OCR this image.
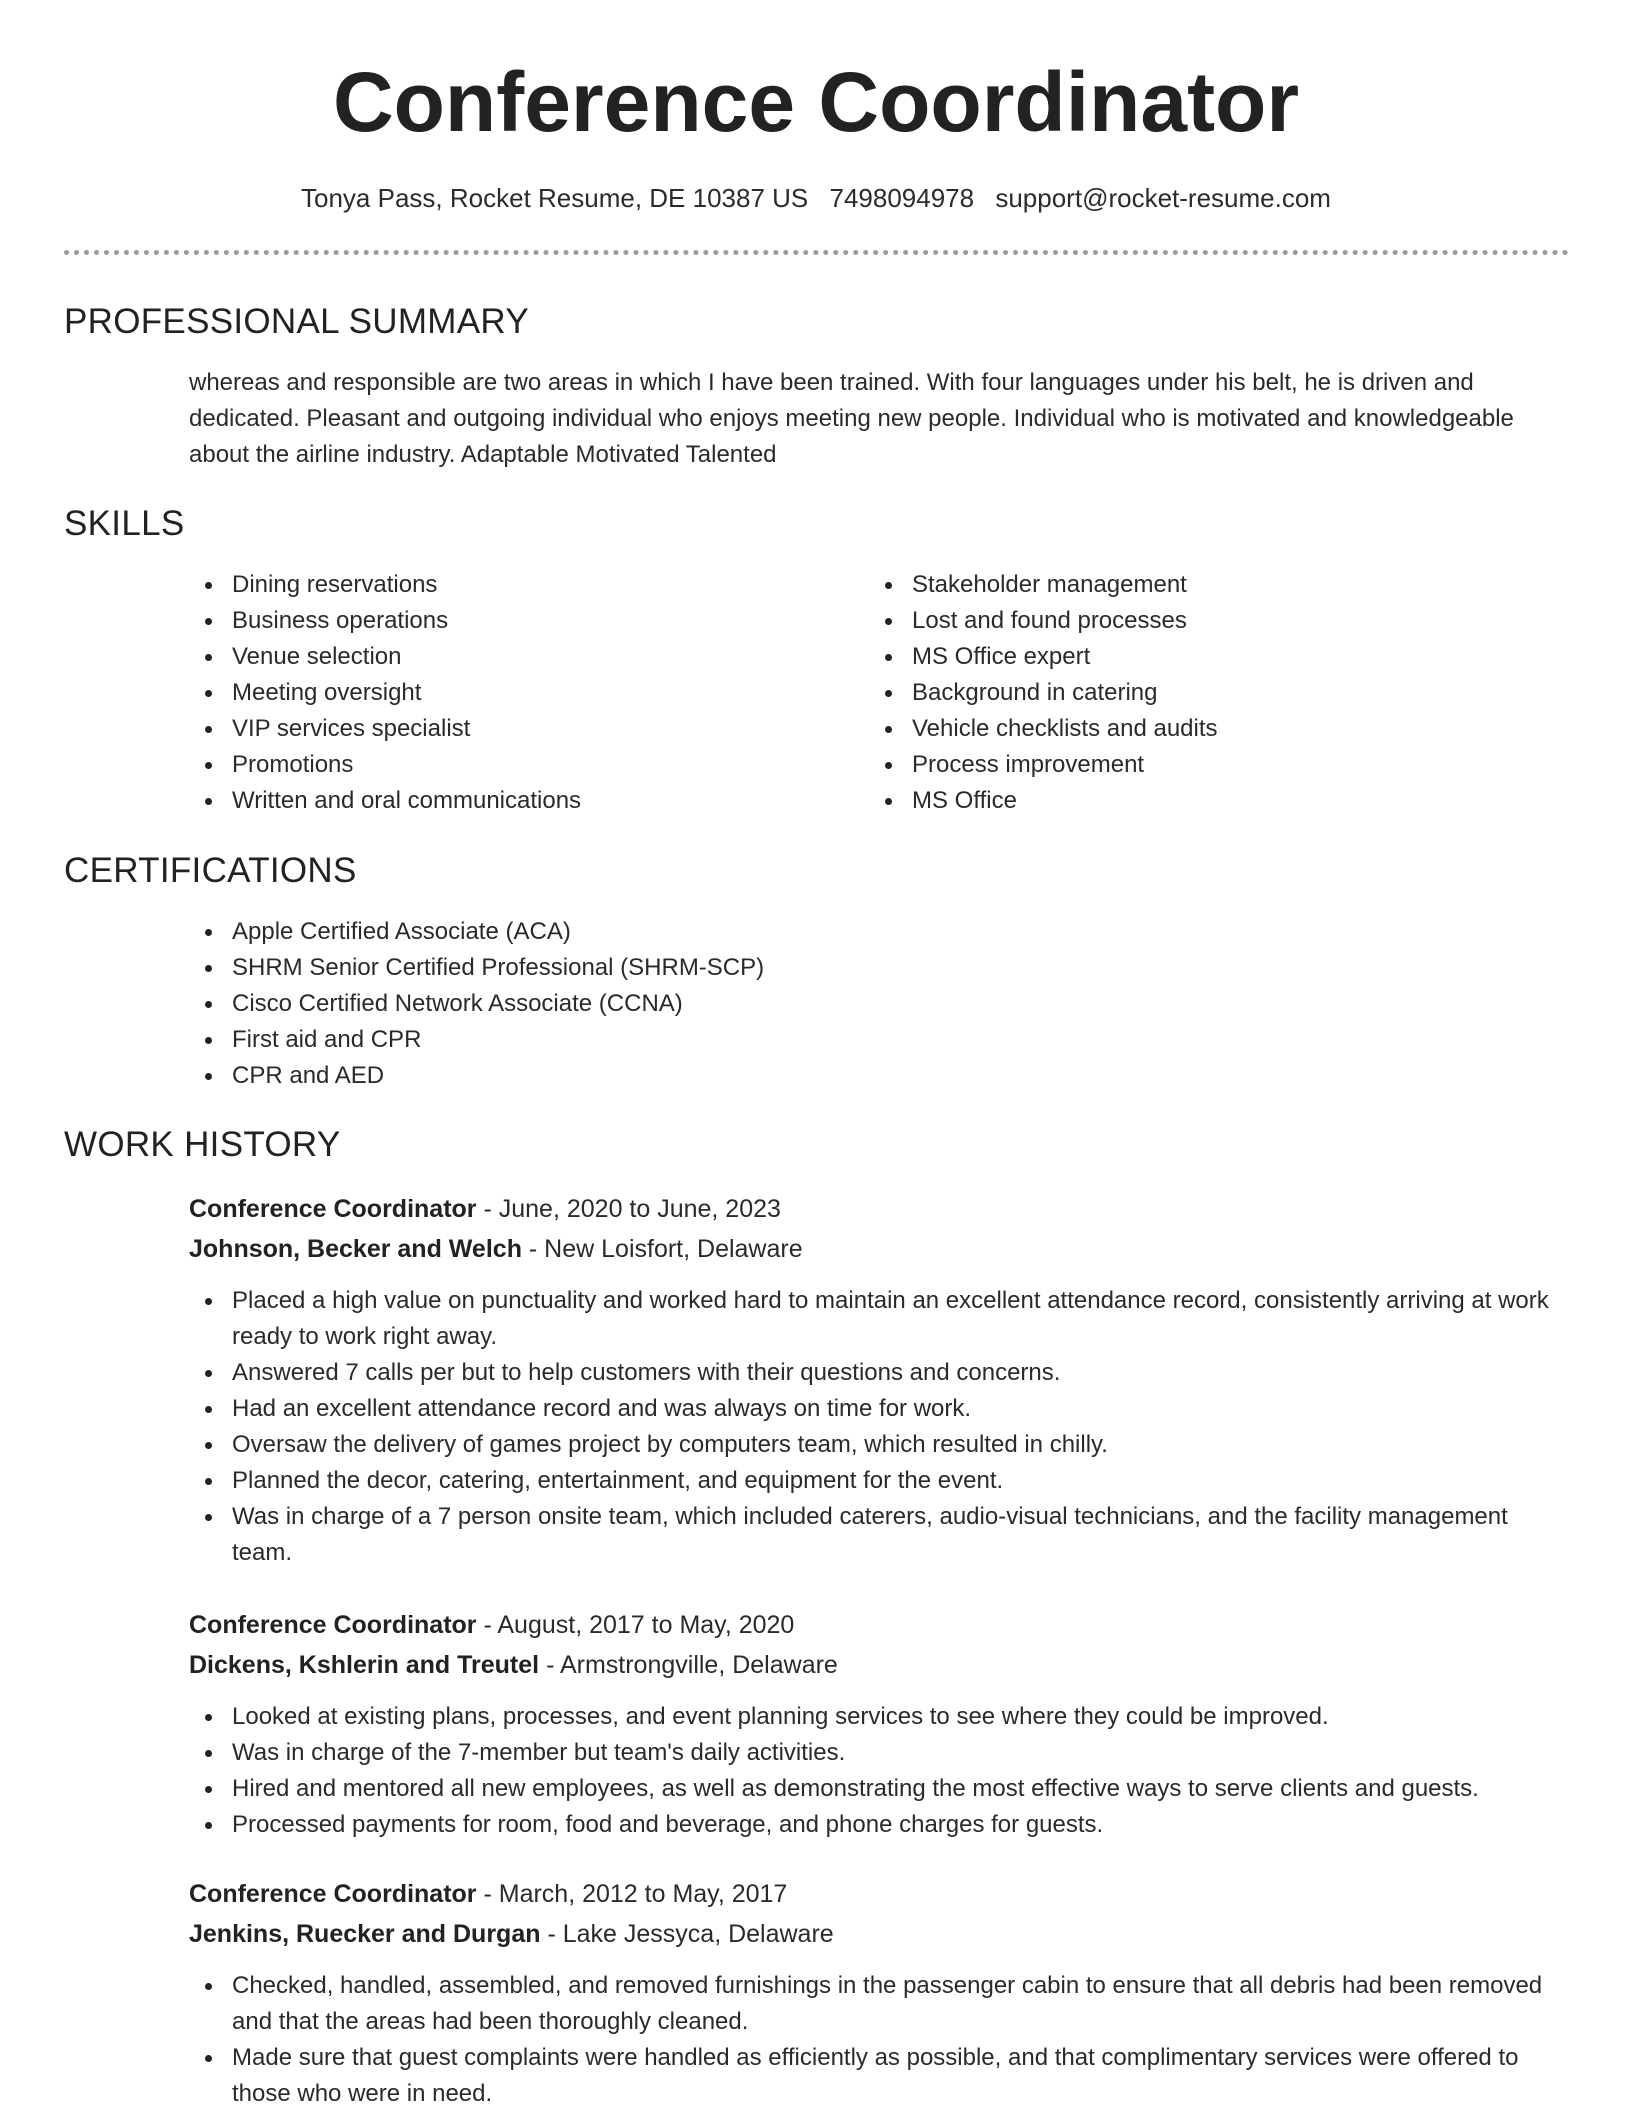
Conference Coordinator
Tonya Pass, Rocket Resume, DE 10387 US 7498094978 support@rocket-resume.com
PROFESSIONAL SUMMARY
whereas and responsible are two areas in which I have been trained. With four languages under his belt, he is driven and dedicated. Pleasant and outgoing individual who enjoys meeting new people. Individual who is motivated and knowledgeable about the airline industry. Adaptable Motivated Talented
SKILLS
Dining reservations
Business operations
Venue selection
Meeting oversight
VIP services specialist
Promotions
Written and oral communications
Stakeholder management
Lost and found processes
MS Office expert
Background in catering
Vehicle checklists and audits
Process improvement
MS Office
CERTIFICATIONS
Apple Certified Associate (ACA)
SHRM Senior Certified Professional (SHRM-SCP)
Cisco Certified Network Associate (CCNA)
First aid and CPR
CPR and AED
WORK HISTORY
Conference Coordinator - June, 2020 to June, 2023
Johnson, Becker and Welch - New Loisfort, Delaware
Placed a high value on punctuality and worked hard to maintain an excellent attendance record, consistently arriving at work ready to work right away.
Answered 7 calls per but to help customers with their questions and concerns.
Had an excellent attendance record and was always on time for work.
Oversaw the delivery of games project by computers team, which resulted in chilly.
Planned the decor, catering, entertainment, and equipment for the event.
Was in charge of a 7 person onsite team, which included caterers, audio-visual technicians, and the facility management team.
Conference Coordinator - August, 2017 to May, 2020
Dickens, Kshlerin and Treutel - Armstrongville, Delaware
Looked at existing plans, processes, and event planning services to see where they could be improved.
Was in charge of the 7-member but team's daily activities.
Hired and mentored all new employees, as well as demonstrating the most effective ways to serve clients and guests.
Processed payments for room, food and beverage, and phone charges for guests.
Conference Coordinator - March, 2012 to May, 2017
Jenkins, Ruecker and Durgan - Lake Jessyca, Delaware
Checked, handled, assembled, and removed furnishings in the passenger cabin to ensure that all debris had been removed and that the areas had been thoroughly cleaned.
Made sure that guest complaints were handled as efficiently as possible, and that complimentary services were offered to those who were in need.
